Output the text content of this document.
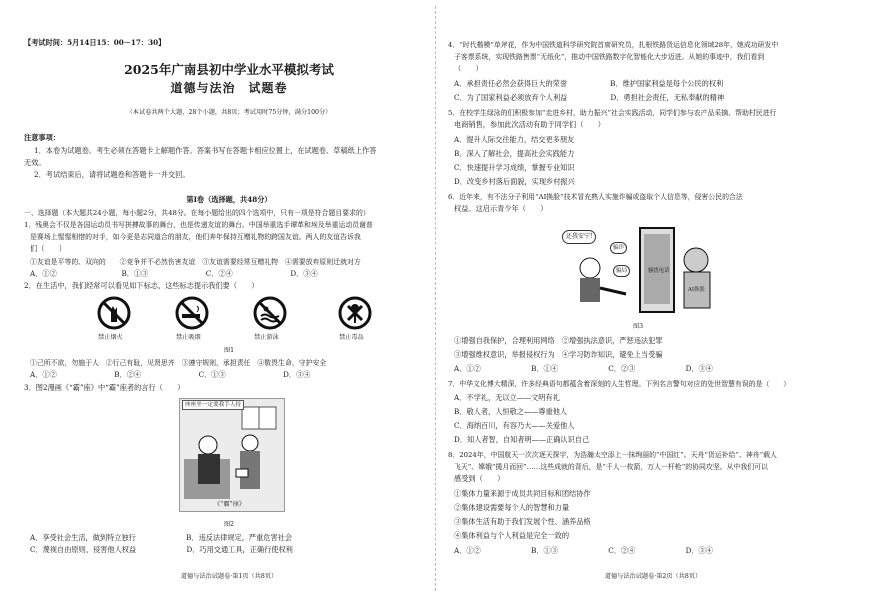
【考试时间：5月14日15：00－17：30】
2025年广南县初中学业水平模拟考试
道德与法治　试题卷
（本试卷共两个大题，28个小题，共8页；考试用时75分钟，满分100分）
注意事项：
1．本卷为试题卷。考生必须在答题卡上解题作答。答案书写在答题卡相应位置上，在试题卷、草稿纸上作答
无效。
2．考试结束后，请将试题卷和答题卡一并交回。
第Ⅰ卷（选择题，共48分）
一、选择题（本大题共24小题，每小题2分，共48分。在每小题给出的四个选项中，只有一项是符合题目要求的）
1．残奥会不仅是各国运动员书写拼搏故事的舞台，也是传递友谊的舞台。中国举重选手谭革和埃及举重运动员谢普
是赛场上惺惺相惜的对手，如今更是志同道合的朋友，他们奔年保持互赠礼物的跨国友谊。两人的友谊告诉我
们（　　）
①友谊是平等的、双向的　　②竞争并不必然伤害友谊　③友谊需要经常互赠礼物　④需要放弃原则迁就对方
A．①②　　　　　　　　　B．①③　　　　　　　　C．②④　　　　　　　　D．③④
2．在生活中，我们经常可以看见如下标志，这些标志提示我们要（　　）
禁止烟火	禁止吸烟	禁止游泳	禁止毒品
图1
①己所不欲，勿施于人　②行己有耻，见贤思齐　③遵守规则，承担责任　④敬畏生命，守护安全
A．①②　　　　　　　　B．②④　　　　　　　　C．①③　　　　　　　　D．③④
3．图2漫画《“霸”座》中“霸”座者的言行（　　）
座座坐一定要我手人持
《“霸”座》
图2
A．享受社会生活，做到特立独行　　　　　　　B．违反法律规定，严重危害社会
C．蔑视自由原则，侵害他人权益　　　　　　　D．巧用交通工具，正确行使权利
道德与法治试题卷·第1页（共8页）
4．“时代楷模”单斧花，作为中国铁道科学研究院首席研究员，扎根铁路货运信息化领域28年，她成功研发中
子客票系统，实现铁路售票“无纸化”，推动中国铁路数字化智能化大步迈进。从她的事迹中，我们看到
（　　）
A．承担责任必然会获得巨大的荣誉　　　　　　B．维护国家利益是每个公民的权利
C．为了国家利益必须放弃个人利益　　　　　　D．勇担社会责任，无私奉献的精神
5．在校学生绿泳的们积极参加“走进乡村，助力振兴”社会实践活动，同学们参与农产品采摘、帮助村民进行
电商销售，参加此次活动有助于同学们（　　）
A．提升人际交往能力，结交更多朋友
B．深入了解社会，提高社会实践能力
C．快速提升学习成绩，掌握专业知识
D．改变乡村落后面貌，实现乡村振兴
6．近年来，有不法分子利用“AI换脸”技术冒充熟人实施诈骗或盗取个人信息等，侵害公民的合法
权益。这启示青少年（　　）
还我安宁!
骗诈
骚扰电话
骗局
AI换脸
图3
①增强自我保护，合理利用网络　②增强执法意识，严惩违法犯罪
③增强维权意识，举报侵权行为　④学习防诈知识，避免上当受骗
A．①②　　　　　　　B．①④　　　　　　　C．②③　　　　　　　D．③④
7．中华文化博大精深，许多经典语句都蕴含着深刻的人生哲理。下列名言警句对应的处世智慧有误的是（　　）
A．不学礼，无以立——文明有礼
B．敬人者，人恒敬之——尊重他人
C．海纳百川，有容乃大——关爱他人
D．知人者智，自知者明——正确认识自己
8．2024年，中国航天一次次逐天探宇，为浩瀚太空添上一抹绚丽的“中国红”。天舟“货运补给”、神舟“载人
飞天”、嫦娥“揽月而回”……这些成就的背后，是“千人一枚箭，万人一杆枪”的协同攻坚。从中我们可以
感受到（　　）
①集体力量来源于成员共同目标和团结协作
②集体建设需要每个人的智慧和力量
③集体生活有助于我们发展个性、涵养品格
④集体利益与个人利益是完全一致的
A．①②　　　　　　　B．①③　　　　　　　C．②④　　　　　　　D．③④
道德与法治试题卷·第2页（共8页）
